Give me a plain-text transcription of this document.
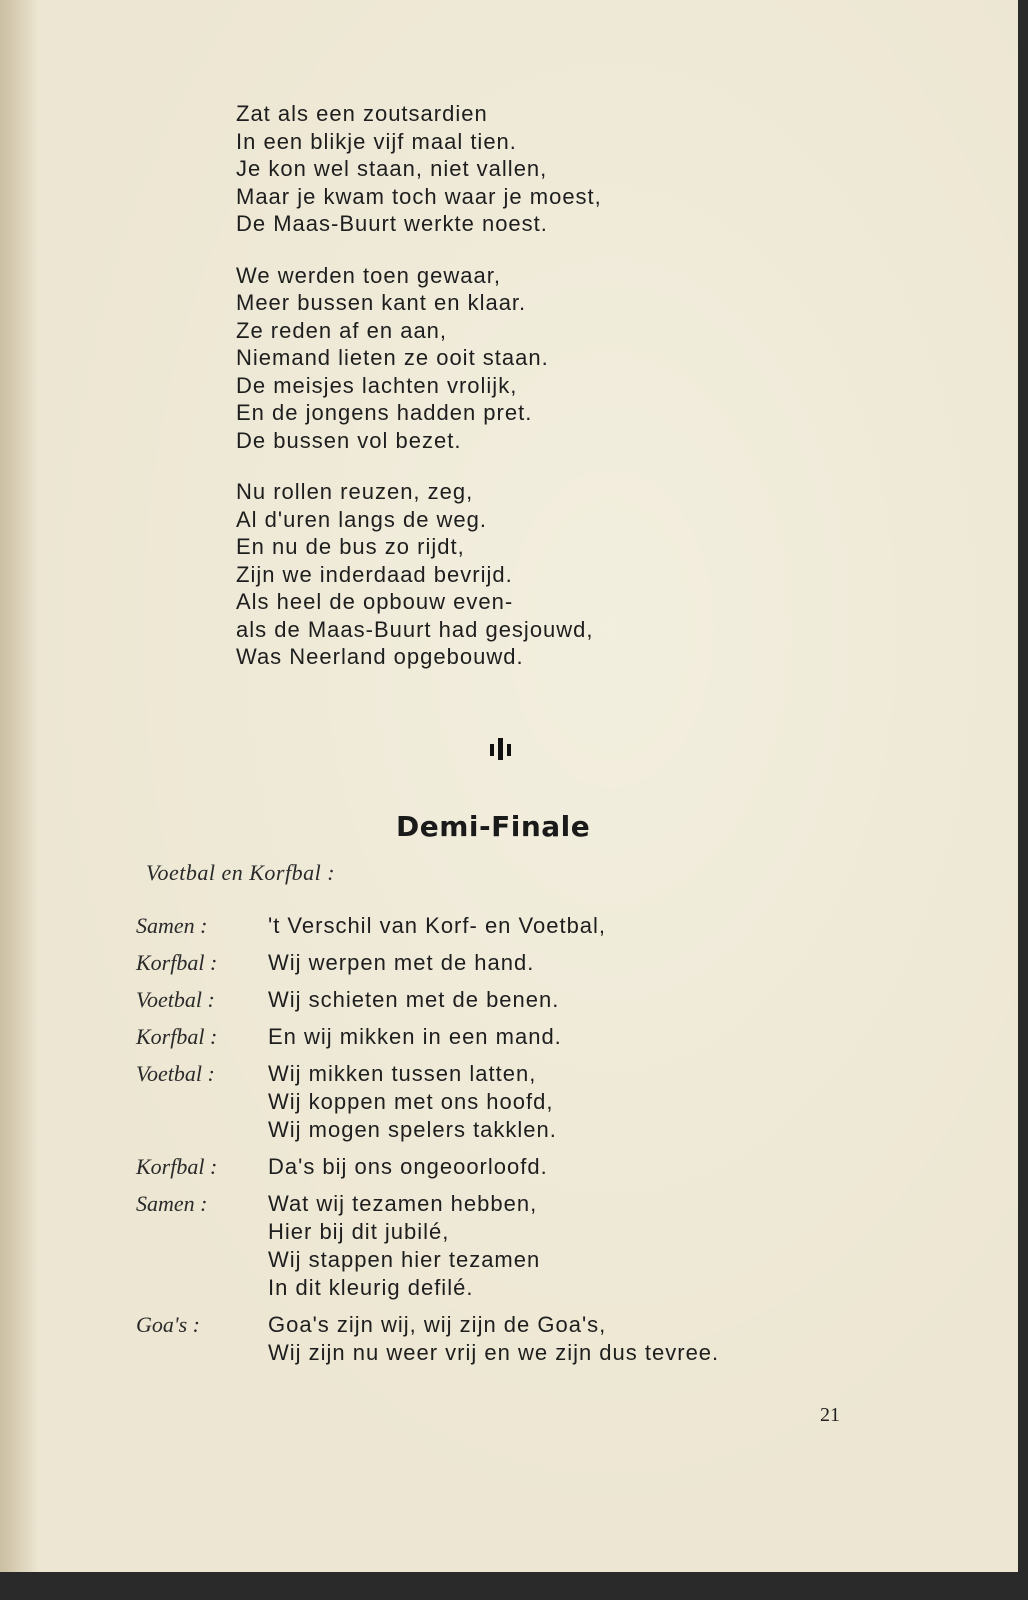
Zat als een zoutsardien
In een blikje vijf maal tien.
Je kon wel staan, niet vallen,
Maar je kwam toch waar je moest,
De Maas-Buurt werkte noest.
We werden toen gewaar,
Meer bussen kant en klaar.
Ze reden af en aan,
Niemand lieten ze ooit staan.
De meisjes lachten vrolijk,
En de jongens hadden pret.
De bussen vol bezet.
Nu rollen reuzen, zeg,
Al d'uren langs de weg.
En nu de bus zo rijdt,
Zijn we inderdaad bevrijd.
Als heel de opbouw even-
als de Maas-Buurt had gesjouwd,
Was Neerland opgebouwd.
Demi-Finale
Voetbal en Korfbal :
Samen :	't Verschil van Korf- en Voetbal,
Korfbal :	Wij werpen met de hand.
Voetbal :	Wij schieten met de benen.
Korfbal :	En wij mikken in een mand.
Voetbal :	Wij mikken tussen latten,
Wij koppen met ons hoofd,
Wij mogen spelers takklen.
Korfbal :	Da's bij ons ongeoorloofd.
Samen :	Wat wij tezamen hebben,
Hier bij dit jubilé,
Wij stappen hier tezamen
In dit kleurig defilé.
Goa's :	Goa's zijn wij, wij zijn de Goa's,
Wij zijn nu weer vrij en we zijn dus tevree.
21
